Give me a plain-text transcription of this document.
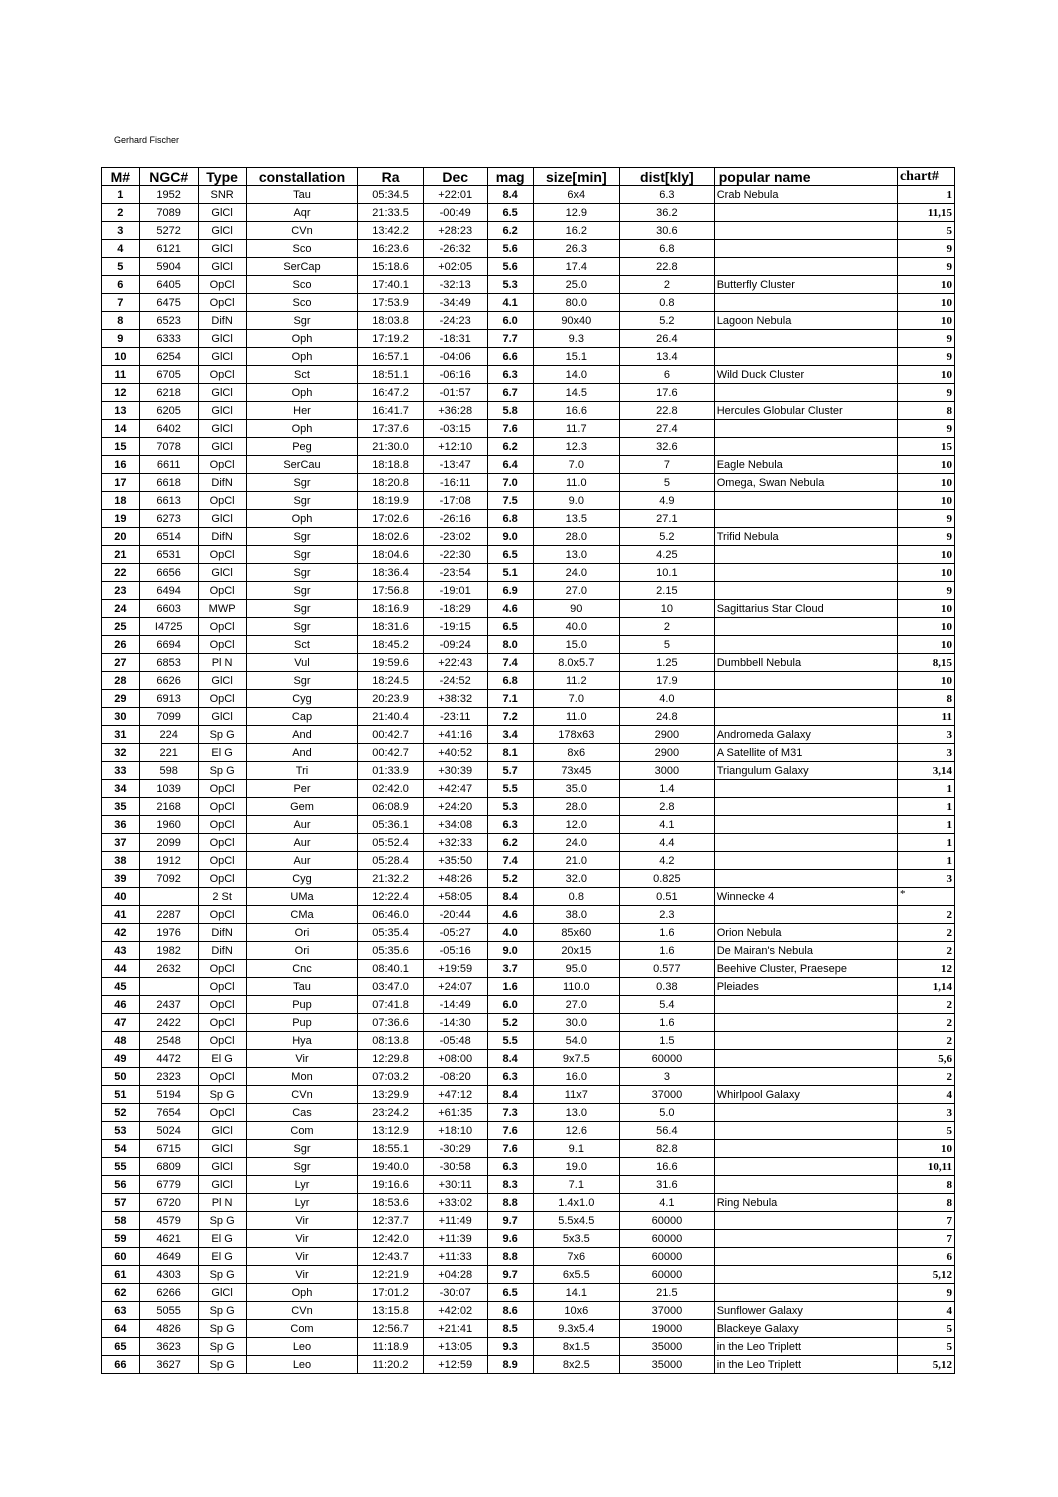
Gerhard Fischer
M#	NGC#	Type	constallation	Ra	Dec	mag	size[min]	dist[kly]	popular name	chart#
1	1952	SNR	Tau	05:34.5	+22:01	8.4	6x4	6.3	Crab Nebula	1
2	7089	GlCl	Aqr	21:33.5	-00:49	6.5	12.9	36.2		11,15
3	5272	GlCl	CVn	13:42.2	+28:23	6.2	16.2	30.6		5
4	6121	GlCl	Sco	16:23.6	-26:32	5.6	26.3	6.8		9
5	5904	GlCl	SerCap	15:18.6	+02:05	5.6	17.4	22.8		9
6	6405	OpCl	Sco	17:40.1	-32:13	5.3	25.0	2	Butterfly Cluster	10
7	6475	OpCl	Sco	17:53.9	-34:49	4.1	80.0	0.8		10
8	6523	DifN	Sgr	18:03.8	-24:23	6.0	90x40	5.2	Lagoon Nebula	10
9	6333	GlCl	Oph	17:19.2	-18:31	7.7	9.3	26.4		9
10	6254	GlCl	Oph	16:57.1	-04:06	6.6	15.1	13.4		9
11	6705	OpCl	Sct	18:51.1	-06:16	6.3	14.0	6	Wild Duck Cluster	10
12	6218	GlCl	Oph	16:47.2	-01:57	6.7	14.5	17.6		9
13	6205	GlCl	Her	16:41.7	+36:28	5.8	16.6	22.8	Hercules Globular Cluster	8
14	6402	GlCl	Oph	17:37.6	-03:15	7.6	11.7	27.4		9
15	7078	GlCl	Peg	21:30.0	+12:10	6.2	12.3	32.6		15
16	6611	OpCl	SerCau	18:18.8	-13:47	6.4	7.0	7	Eagle Nebula	10
17	6618	DifN	Sgr	18:20.8	-16:11	7.0	11.0	5	Omega, Swan Nebula	10
18	6613	OpCl	Sgr	18:19.9	-17:08	7.5	9.0	4.9		10
19	6273	GlCl	Oph	17:02.6	-26:16	6.8	13.5	27.1		9
20	6514	DifN	Sgr	18:02.6	-23:02	9.0	28.0	5.2	Trifid Nebula	9
21	6531	OpCl	Sgr	18:04.6	-22:30	6.5	13.0	4.25		10
22	6656	GlCl	Sgr	18:36.4	-23:54	5.1	24.0	10.1		10
23	6494	OpCl	Sgr	17:56.8	-19:01	6.9	27.0	2.15		9
24	6603	MWP	Sgr	18:16.9	-18:29	4.6	90	10	Sagittarius Star Cloud	10
25	I4725	OpCl	Sgr	18:31.6	-19:15	6.5	40.0	2		10
26	6694	OpCl	Sct	18:45.2	-09:24	8.0	15.0	5		10
27	6853	Pl N	Vul	19:59.6	+22:43	7.4	8.0x5.7	1.25	Dumbbell Nebula	8,15
28	6626	GlCl	Sgr	18:24.5	-24:52	6.8	11.2	17.9		10
29	6913	OpCl	Cyg	20:23.9	+38:32	7.1	7.0	4.0		8
30	7099	GlCl	Cap	21:40.4	-23:11	7.2	11.0	24.8		11
31	224	Sp G	And	00:42.7	+41:16	3.4	178x63	2900	Andromeda Galaxy	3
32	221	El G	And	00:42.7	+40:52	8.1	8x6	2900	A Satellite of M31	3
33	598	Sp G	Tri	01:33.9	+30:39	5.7	73x45	3000	Triangulum Galaxy	3,14
34	1039	OpCl	Per	02:42.0	+42:47	5.5	35.0	1.4		1
35	2168	OpCl	Gem	06:08.9	+24:20	5.3	28.0	2.8		1
36	1960	OpCl	Aur	05:36.1	+34:08	6.3	12.0	4.1		1
37	2099	OpCl	Aur	05:52.4	+32:33	6.2	24.0	4.4		1
38	1912	OpCl	Aur	05:28.4	+35:50	7.4	21.0	4.2		1
39	7092	OpCl	Cyg	21:32.2	+48:26	5.2	32.0	0.825		3
40		2 St	UMa	12:22.4	+58:05	8.4	0.8	0.51	Winnecke 4	*
41	2287	OpCl	CMa	06:46.0	-20:44	4.6	38.0	2.3		2
42	1976	DifN	Ori	05:35.4	-05:27	4.0	85x60	1.6	Orion Nebula	2
43	1982	DifN	Ori	05:35.6	-05:16	9.0	20x15	1.6	De Mairan's Nebula	2
44	2632	OpCl	Cnc	08:40.1	+19:59	3.7	95.0	0.577	Beehive Cluster, Praesepe	12
45		OpCl	Tau	03:47.0	+24:07	1.6	110.0	0.38	Pleiades	1,14
46	2437	OpCl	Pup	07:41.8	-14:49	6.0	27.0	5.4		2
47	2422	OpCl	Pup	07:36.6	-14:30	5.2	30.0	1.6		2
48	2548	OpCl	Hya	08:13.8	-05:48	5.5	54.0	1.5		2
49	4472	El G	Vir	12:29.8	+08:00	8.4	9x7.5	60000		5,6
50	2323	OpCl	Mon	07:03.2	-08:20	6.3	16.0	3		2
51	5194	Sp G	CVn	13:29.9	+47:12	8.4	11x7	37000	Whirlpool Galaxy	4
52	7654	OpCl	Cas	23:24.2	+61:35	7.3	13.0	5.0		3
53	5024	GlCl	Com	13:12.9	+18:10	7.6	12.6	56.4		5
54	6715	GlCl	Sgr	18:55.1	-30:29	7.6	9.1	82.8		10
55	6809	GlCl	Sgr	19:40.0	-30:58	6.3	19.0	16.6		10,11
56	6779	GlCl	Lyr	19:16.6	+30:11	8.3	7.1	31.6		8
57	6720	Pl N	Lyr	18:53.6	+33:02	8.8	1.4x1.0	4.1	Ring Nebula	8
58	4579	Sp G	Vir	12:37.7	+11:49	9.7	5.5x4.5	60000		7
59	4621	El G	Vir	12:42.0	+11:39	9.6	5x3.5	60000		7
60	4649	El G	Vir	12:43.7	+11:33	8.8	7x6	60000		6
61	4303	Sp G	Vir	12:21.9	+04:28	9.7	6x5.5	60000		5,12
62	6266	GlCl	Oph	17:01.2	-30:07	6.5	14.1	21.5		9
63	5055	Sp G	CVn	13:15.8	+42:02	8.6	10x6	37000	Sunflower Galaxy	4
64	4826	Sp G	Com	12:56.7	+21:41	8.5	9.3x5.4	19000	Blackeye Galaxy	5
65	3623	Sp G	Leo	11:18.9	+13:05	9.3	8x1.5	35000	in the Leo Triplett	5
66	3627	Sp G	Leo	11:20.2	+12:59	8.9	8x2.5	35000	in the Leo Triplett	5,12
